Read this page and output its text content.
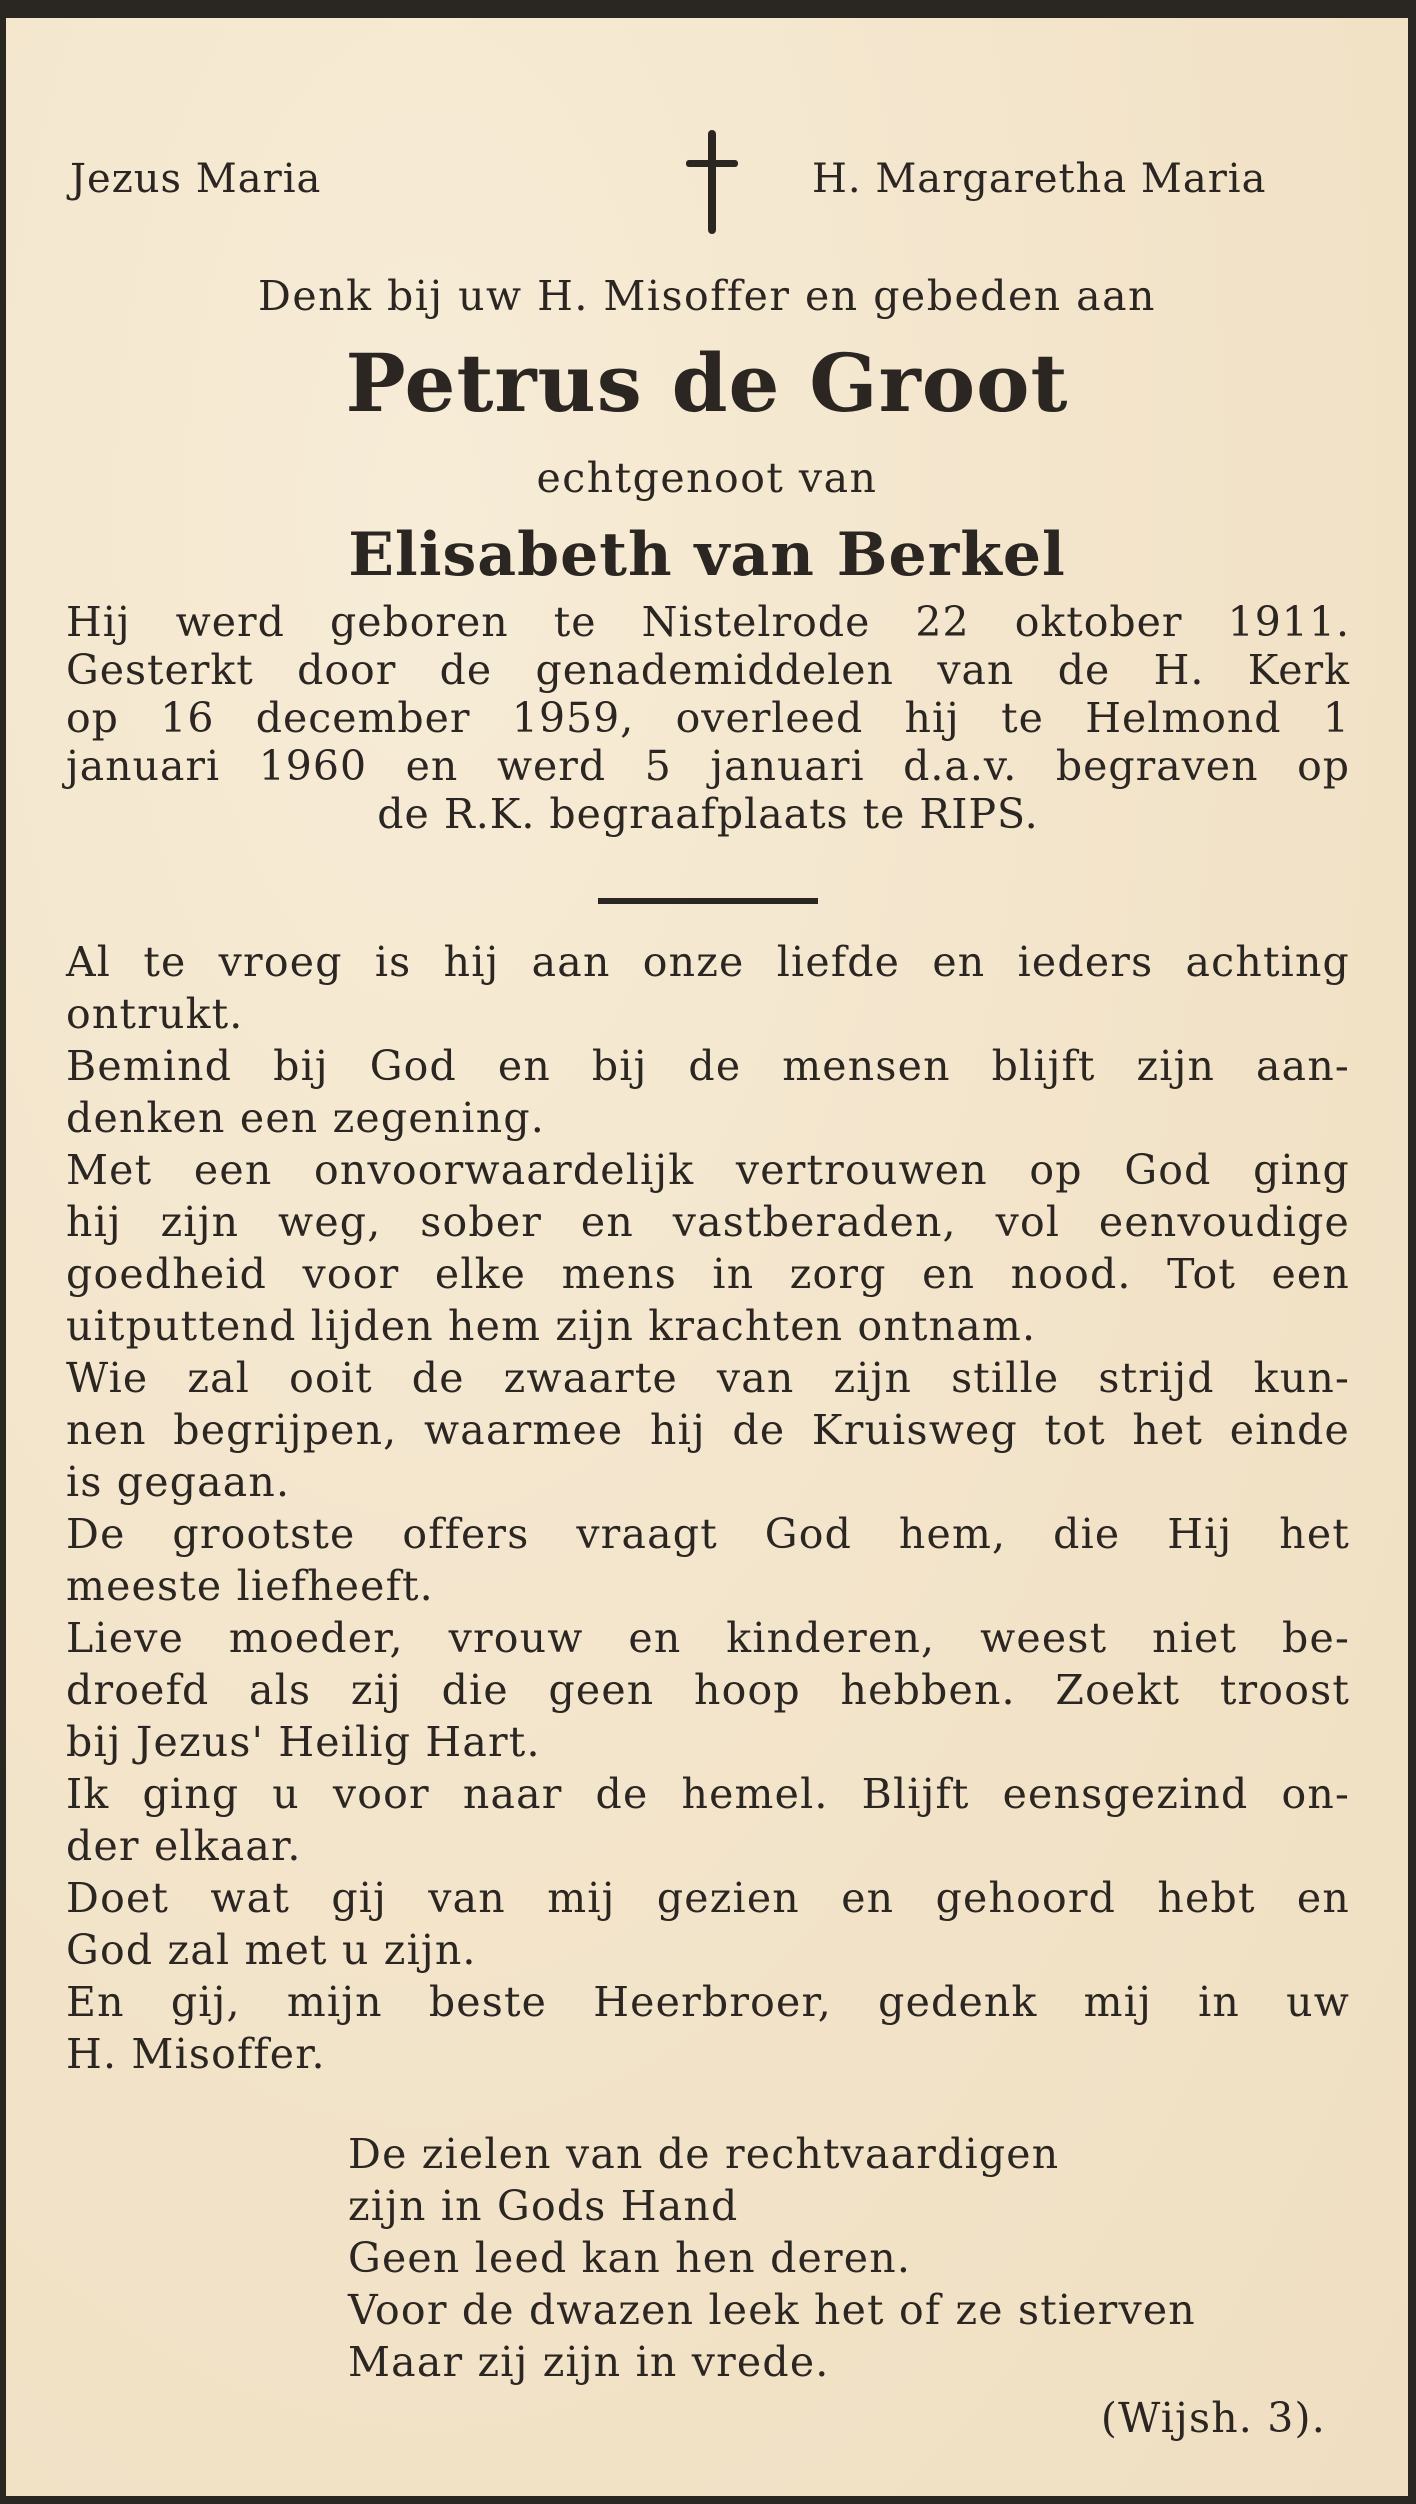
Jezus Maria	H. Margaretha Maria
Denk bij uw H. Misoffer en gebeden aan
Petrus de Groot
echtgenoot van
Elisabeth van Berkel
Hij werd geboren te Nistelrode 22 oktober 1911.
Gesterkt door de genademiddelen van de H. Kerk
op 16 december 1959, overleed hij te Helmond 1
januari 1960 en werd 5 januari d.a.v. begraven op
de R.K. begraafplaats te RIPS.
Al te vroeg is hij aan onze liefde en ieders achting
ontrukt.
Bemind bij God en bij de mensen blijft zijn aan-
denken een zegening.
Met een onvoorwaardelijk vertrouwen op God ging
hij zijn weg, sober en vastberaden, vol eenvoudige
goedheid voor elke mens in zorg en nood. Tot een
uitputtend lijden hem zijn krachten ontnam.
Wie zal ooit de zwaarte van zijn stille strijd kun-
nen begrijpen, waarmee hij de Kruisweg tot het einde
is gegaan.
De grootste offers vraagt God hem, die Hij het
meeste liefheeft.
Lieve moeder, vrouw en kinderen, weest niet be-
droefd als zij die geen hoop hebben. Zoekt troost
bij Jezus' Heilig Hart.
Ik ging u voor naar de hemel. Blijft eensgezind on-
der elkaar.
Doet wat gij van mij gezien en gehoord hebt en
God zal met u zijn.
En gij, mijn beste Heerbroer, gedenk mij in uw
H. Misoffer.
De zielen van de rechtvaardigen
zijn in Gods Hand
Geen leed kan hen deren.
Voor de dwazen leek het of ze stierven
Maar zij zijn in vrede.
(Wijsh. 3).
